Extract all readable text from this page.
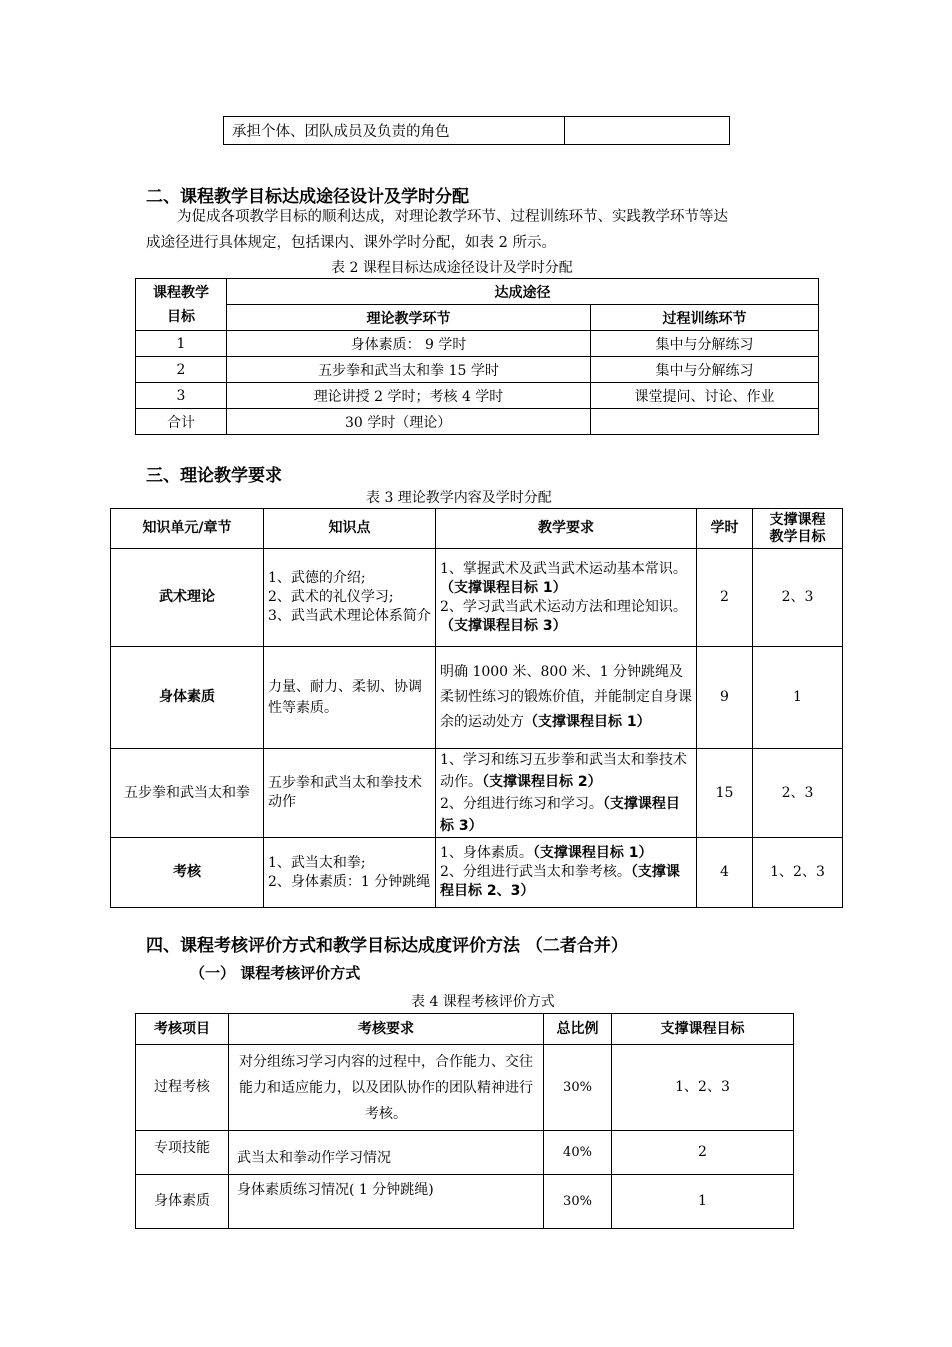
承担个体、团队成员及负责的角色	
二、课程教学目标达成途径设计及学时分配
为促成各项教学目标的顺利达成，对理论教学环节、过程训练环节、实践教学环节等达
成途径进行具体规定，包括课内、课外学时分配，如表 2 所示。
表 2 课程目标达成途径设计及学时分配
课程教学
目标	达成途径	
	理论教学环节	过程训练环节
1	身体素质： 9 学时	集中与分解练习
2	五步拳和武当太和拳 15 学时	集中与分解练习
3	理论讲授 2 学时；考核 4 学时	课堂提问、讨论、作业
合计	30 学时（理论）	
三、理论教学要求
表 3 理论教学内容及学时分配
知识单元/章节	知识点	教学要求	学时	支撑课程
教学目标

武术理论	1、武德的介绍;
2、武术的礼仪学习;
3、武当武术理论体系简介	1、掌握武术及武当武术运动基本常识。（支撑课程目标 1）
2、学习武当武术运动方法和理论知识。（支撑课程目标 3）	2	2、3
身体素质	力量、耐力、柔韧、协调性等素质。	明确 1000 米、800 米、1 分钟跳绳及柔韧性练习的锻炼价值，并能制定自身课余的运动处方（支撑课程目标 1）	9	1
五步拳和武当太和拳	五步拳和武当太和拳技术动作	1、学习和练习五步拳和武当太和拳技术动作。（支撑课程目标 2）
2、分组进行练习和学习。（支撑课程目标 3）	15	2、3
考核	1、武当太和拳;
2、身体素质：1 分钟跳绳	1、身体素质。（支撑课程目标 1）
2、分组进行武当太和拳考核。（支撑课程目标 2、3）	4	1、2、3
四、课程考核评价方式和教学目标达成度评价方法 （二者合并）
（一） 课程考核评价方式
表 4 课程考核评价方式
考核项目	考核要求	总比例	支撑课程目标
过程考核	对分组练习学习内容的过程中，合作能力、交往能力和适应能力，以及团队协作的团队精神进行考核。	30%	1、2、3
专项技能	武当太和拳动作学习情况	40%	2
身体素质	身体素质练习情况( 1 分钟跳绳)	30%	1
